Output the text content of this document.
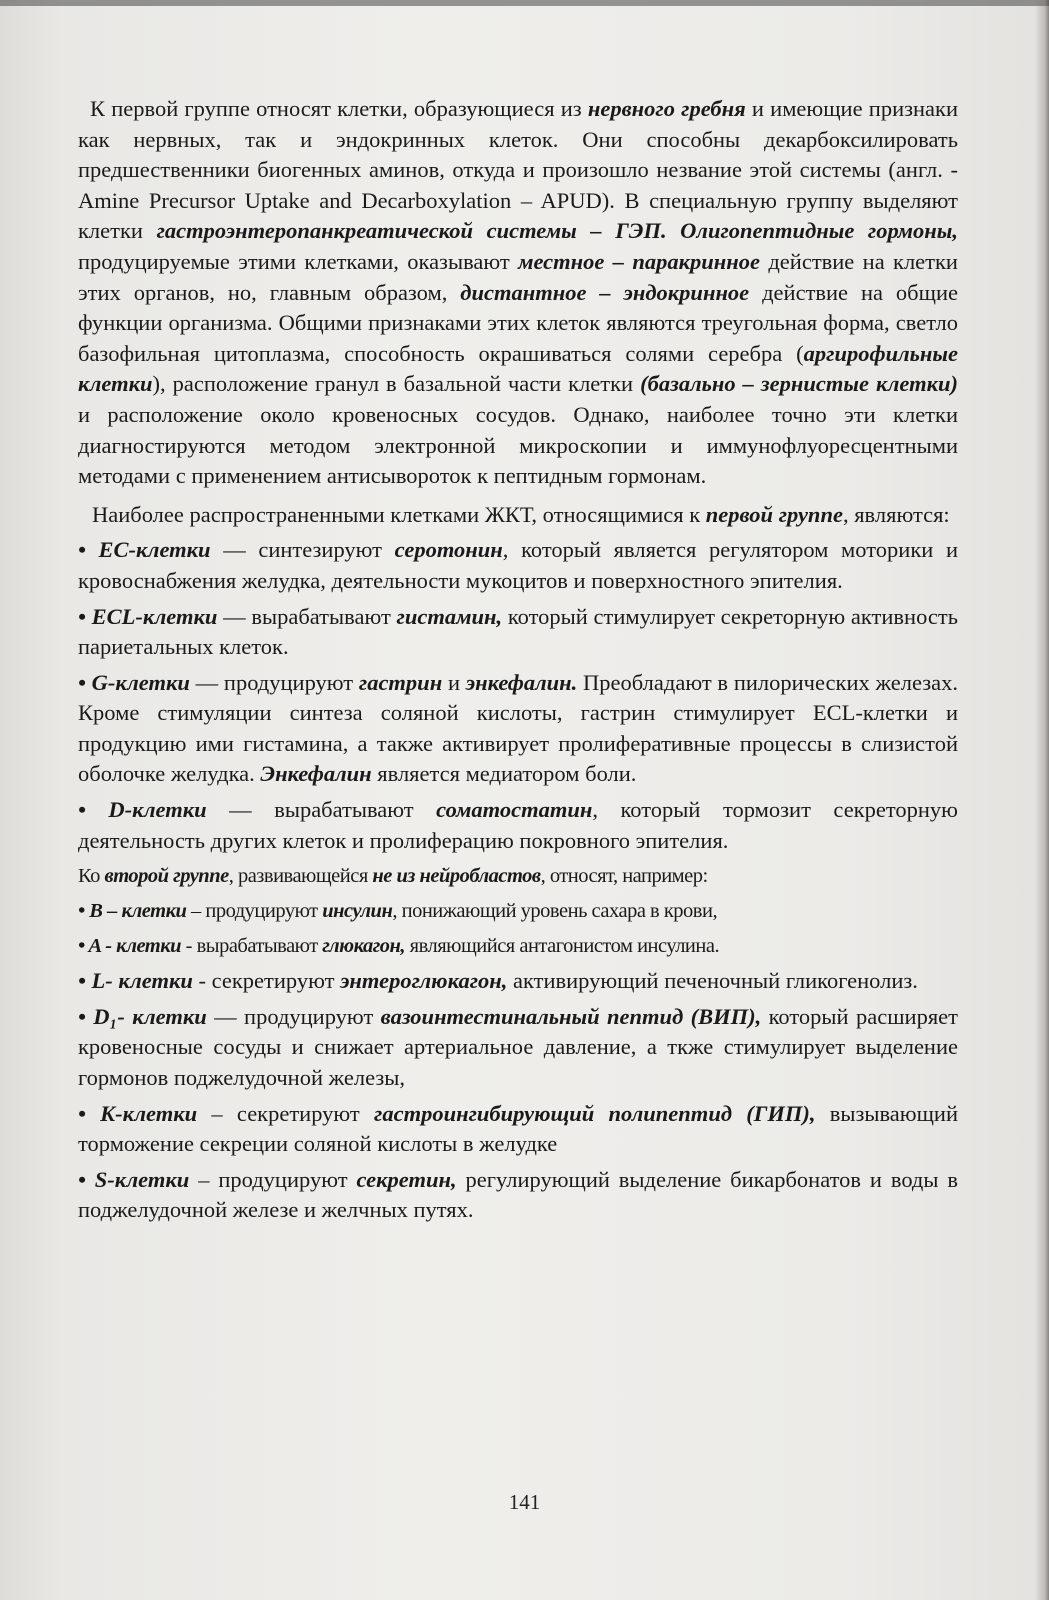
К первой группе относят клетки, образующиеся из нервного гребня и имеющие признаки как нервных, так и эндокринных клеток. Они способны декарбоксилировать предшественники биогенных аминов, откуда и произошло незвание этой системы (англ. - Amine Precursor Uptake and Decarboxylation – APUD). В специальную группу выделяют клетки гастроэнтеропанкреатической системы – ГЭП. Олигопептидные гормоны, продуцируемые этими клетками, оказывают местное – паракринное действие на клетки этих органов, но, главным образом, дистантное – эндокринное действие на общие функции организма. Общими признаками этих клеток являются треугольная форма, светло базофильная цитоплазма, способность окрашиваться солями серебра (аргирофильные клетки), расположение гранул в базальной части клетки (базально – зернистые клетки) и расположение около кровеносных сосудов. Однако, наиболее точно эти клетки диагностируются методом электронной микроскопии и иммунофлуоресцентными методами с применением антисывороток к пептидным гормонам.

Наиболее распространенными клетками ЖКТ, относящимися к первой группе, являются:

• EC-клетки — синтезируют серотонин, который является регулятором моторики и кровоснабжения желудка, деятельности мукоцитов и поверхностного эпителия.

• ECL-клетки — вырабатывают гистамин, который стимулирует секреторную активность париетальных клеток.

• G-клетки — продуцируют гастрин и энкефалин. Преобладают в пилорических железах. Кроме стимуляции синтеза соляной кислоты, гастрин стимулирует ECL-клетки и продукцию ими гистамина, а также активирует пролиферативные процессы в слизистой оболочке желудка. Энкефалин является медиатором боли.

• D-клетки — вырабатывают соматостатин, который тормозит секреторную деятельность других клеток и пролиферацию покровного эпителия.

Ко второй группе, развивающейся не из нейробластов, относят, например:

• B – клетки – продуцируют инсулин, понижающий уровень сахара в крови,

• A - клетки - вырабатывают глюкагон, являющийся антагонистом инсулина.

• L- клетки - секретируют энтероглюкагон, активирующий печеночный гликогенолиз.

• D₁- клетки — продуцируют вазоинтестинальный пептид (ВИП), который расширяет кровеносные сосуды и снижает артериальное давление, а ткже стимулирует выделение гормонов поджелудочной железы,

• K-клетки – секретируют гастроингибирующий полипептид (ГИП), вызывающий торможение секреции соляной кислоты в желудке

• S-клетки – продуцируют секретин, регулирующий выделение бикарбонатов и воды в поджелудочной железе и желчных путях.

141
